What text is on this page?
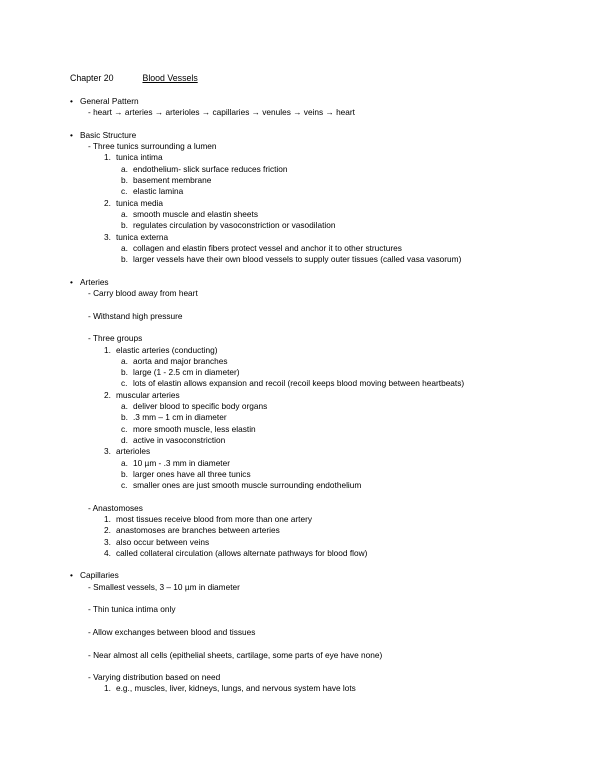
Chapter 20	Blood Vessels
• General Pattern
- heart → arteries → arterioles → capillaries → venules → veins → heart
• Basic Structure
- Three tunics surrounding a lumen
1. tunica intima
a. endothelium- slick surface reduces friction
b. basement membrane
c. elastic lamina
2. tunica media
a. smooth muscle and elastin sheets
b. regulates circulation by vasoconstriction or vasodilation
3. tunica externa
a. collagen and elastin fibers protect vessel and anchor it to other structures
b. larger vessels have their own blood vessels to supply outer tissues (called vasa vasorum)
• Arteries
- Carry blood away from heart
- Withstand high pressure
- Three groups
1. elastic arteries (conducting)
a. aorta and major branches
b. large (1 - 2.5 cm in diameter)
c. lots of elastin allows expansion and recoil (recoil keeps blood moving between heartbeats)
2. muscular arteries
a. deliver blood to specific body organs
b. .3 mm – 1 cm in diameter
c. more smooth muscle, less elastin
d. active in vasoconstriction
3. arterioles
a. 10 µm - .3 mm in diameter
b. larger ones have all three tunics
c. smaller ones are just smooth muscle surrounding endothelium
- Anastomoses
1. most tissues receive blood from more than one artery
2. anastomoses are branches between arteries
3. also occur between veins
4. called collateral circulation (allows alternate pathways for blood flow)
• Capillaries
- Smallest vessels, 3 – 10 µm in diameter
- Thin tunica intima only
- Allow exchanges between blood and tissues
- Near almost all cells (epithelial sheets, cartilage, some parts of eye have none)
- Varying distribution based on need
1. e.g., muscles, liver, kidneys, lungs, and nervous system have lots
